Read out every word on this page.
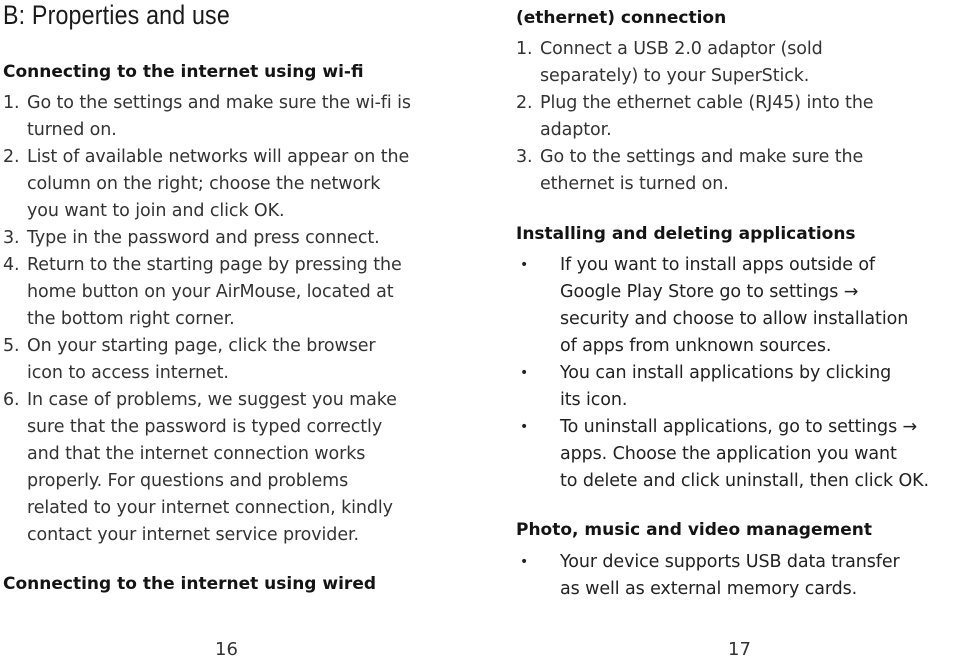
B: Properties and use
Connecting to the internet using wi-fi
1. Go to the settings and make sure the wi-fi is
turned on.
2. List of available networks will appear on the
column on the right; choose the network
you want to join and click OK.
3. Type in the password and press connect.
4. Return to the starting page by pressing the
home button on your AirMouse, located at
the bottom right corner.
5. On your starting page, click the browser
icon to access internet.
6. In case of problems, we suggest you make
sure that the password is typed correctly
and that the internet connection works
properly. For questions and problems
related to your internet connection, kindly
contact your internet service provider.
Connecting to the internet using wired
16
(ethernet) connection
1. Connect a USB 2.0 adaptor (sold
separately) to your SuperStick.
2. Plug the ethernet cable (RJ45) into the
adaptor.
3. Go to the settings and make sure the
ethernet is turned on.
Installing and deleting applications
• If you want to install apps outside of
Google Play Store go to settings →
security and choose to allow installation
of apps from unknown sources.
• You can install applications by clicking
its icon.
• To uninstall applications, go to settings →
apps. Choose the application you want
to delete and click uninstall, then click OK.
Photo, music and video management
• Your device supports USB data transfer
as well as external memory cards.
17
